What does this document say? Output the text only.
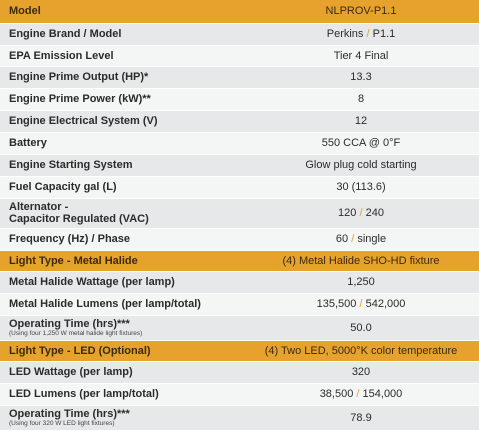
Model	NLPROV-P1.1
Engine Brand / Model	Perkins / P1.1
EPA Emission Level	Tier 4 Final
Engine Prime Output (HP)*	13.3
Engine Prime Power (kW)**	8
Engine Electrical System (V)	12
Battery	550 CCA @ 0°F
Engine Starting System	Glow plug cold starting
Fuel Capacity gal (L)	30 (113.6)
Alternator -
Capacitor Regulated (VAC)	120 / 240
Frequency (Hz) / Phase	60 / single
Light Type - Metal Halide	(4) Metal Halide SHO-HD fixture
Metal Halide Wattage (per lamp)	1,250
Metal Halide Lumens (per lamp/total)	135,500 / 542,000
Operating Time (hrs)***
(Using four 1,250 W metal halide light fixtures)	50.0
Light Type - LED (Optional)	(4) Two LED, 5000°K color temperature
LED Wattage (per lamp)	320
LED Lumens (per lamp/total)	38,500 / 154,000
Operating Time (hrs)***
(Using four 320 W LED light fixtures)	78.9
